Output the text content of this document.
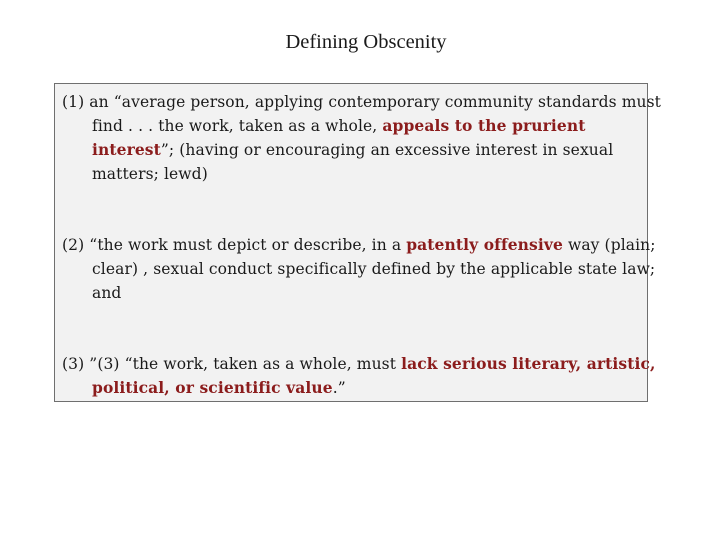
Defining Obscenity
(1) an “average person, applying contemporary community standards must find . . . the work, taken as a whole, appeals to the prurient interest”; (having or encouraging an excessive interest in sexual matters; lewd)
(2) “the work must depict or describe, in a patently offensive way (plain; clear) , sexual conduct specifically defined by the applicable state law; and
(3) ”(3) “the work, taken as a whole, must lack serious literary, artistic, political, or scientific value.”
